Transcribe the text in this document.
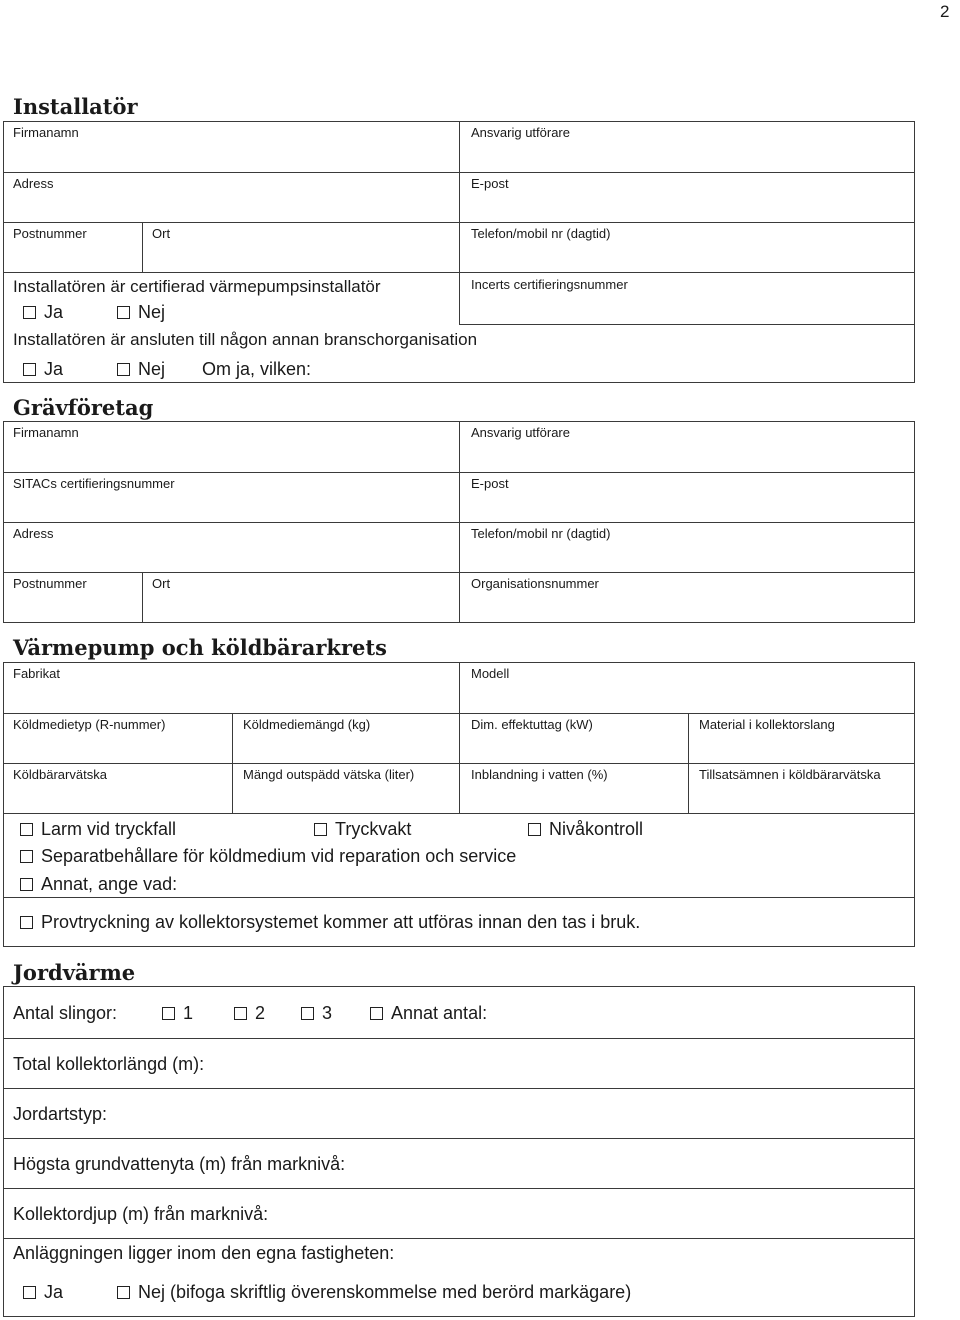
2
Installatör
Firmanamn	Ansvarig utförare
Adress	E-post
Postnummer	Ort	Telefon/mobil nr (dagtid)
Installatören är certifierad värmepumpsinstallatör
Ja	Nej
Incerts certifieringsnummer
Installatören är ansluten till någon annan branschorganisation
Ja	Nej Om ja, vilken:
Grävföretag
Firmanamn	Ansvarig utförare
SITACs certifieringsnummer	E-post
Adress	Telefon/mobil nr (dagtid)
Postnummer	Ort	Organisationsnummer
Värmepump och köldbärarkrets
Fabrikat	Modell
Köldmedietyp (R-nummer)	Köldmediemängd (kg)	Dim. effektuttag (kW)	Material i kollektorslang
Köldbärarvätska	Mängd outspädd vätska (liter)	Inblandning i vatten (%)	Tillsatsämnen i köldbärarvätska
Larm vid tryckfall	Tryckvakt	Nivåkontroll
Separatbehållare för köldmedium vid reparation och service
Annat, ange vad:
Provtryckning av kollektorsystemet kommer att utföras innan den tas i bruk.
Jordvärme
Antal slingor:	1	2	3	Annat antal:
Total kollektorlängd (m):
Jordartstyp:
Högsta grundvattenyta (m) från marknivå:
Kollektordjup (m) från marknivå:
Anläggningen ligger inom den egna fastigheten:
Ja	Nej (bifoga skriftlig överenskommelse med berörd markägare)
